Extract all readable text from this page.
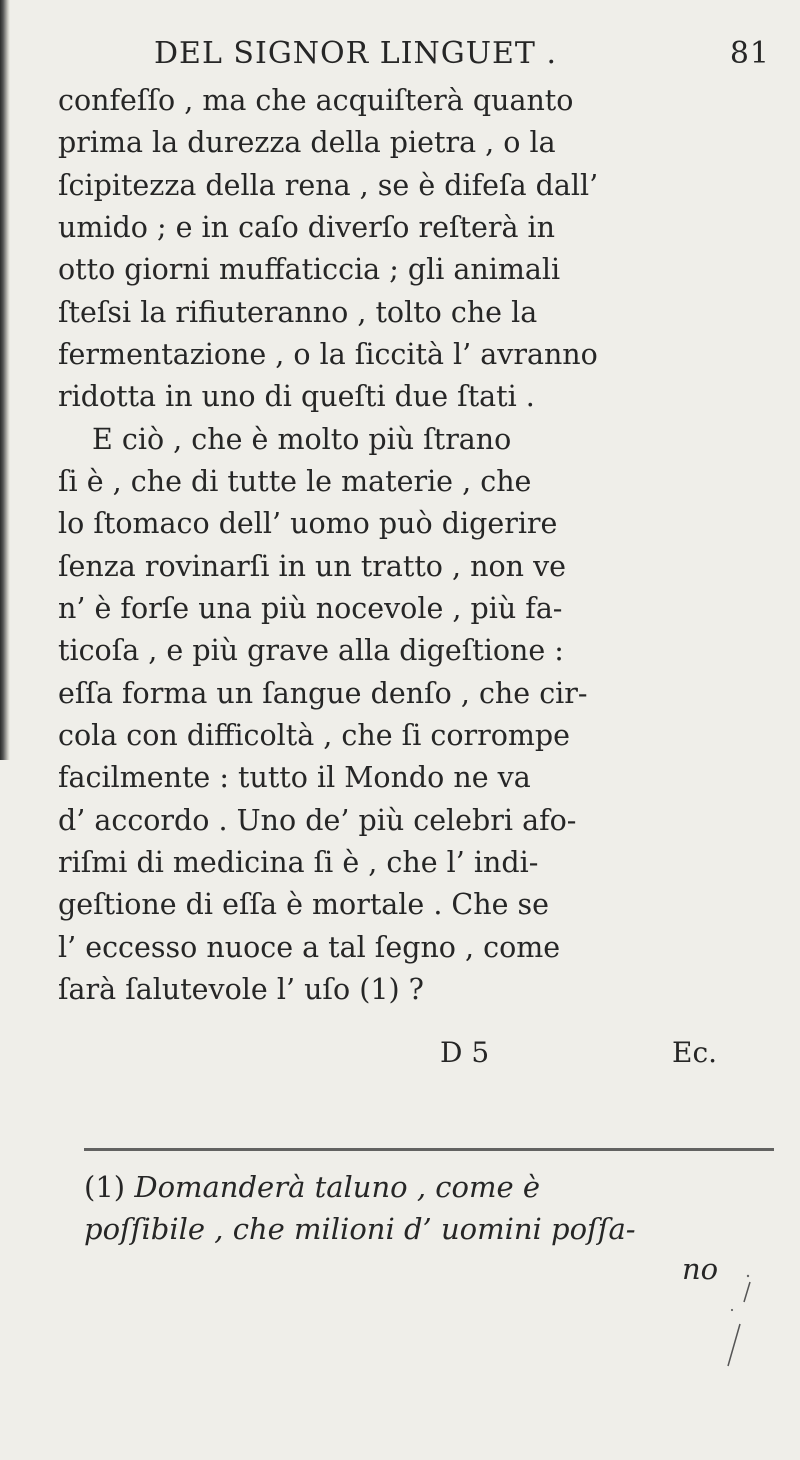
DEL SIGNOR LINGUET .	81
confeſſo , ma che acquiſterà quanto
prima la durezza della pietra , o la
ſcipitezza della rena , se è difeſa dall’
umido ; e in caſo diverſo reſterà in
otto giorni muffaticcia ; gli animali
ſteſsi la rifiuteranno , tolto che la
fermentazione , o la ſiccità l’ avranno
ridotta in uno di queſti due ſtati .
E ciò , che è molto più ſtrano
ſi è , che di tutte le materie , che
lo ſtomaco dell’ uomo può digerire
ſenza rovinarſi in un tratto , non ve
n’ è forſe una più nocevole , più fa-
ticoſa , e più grave alla digeſtione :
eſſa forma un ſangue denſo , che cir-
cola con difficoltà , che ſi corrompe
facilmente : tutto il Mondo ne va
d’ accordo . Uno de’ più celebri afo-
riſmi di medicina ſi è , che l’ indi-
geſtione di eſſa è mortale . Che se
l’ eccesso nuoce a tal ſegno , come
ſarà ſalutevole l’ uſo (1) ?
D 5	Ec.
(1) Domanderà taluno , come è
poſſibile , che milioni d’ uomini poſſa-
no
